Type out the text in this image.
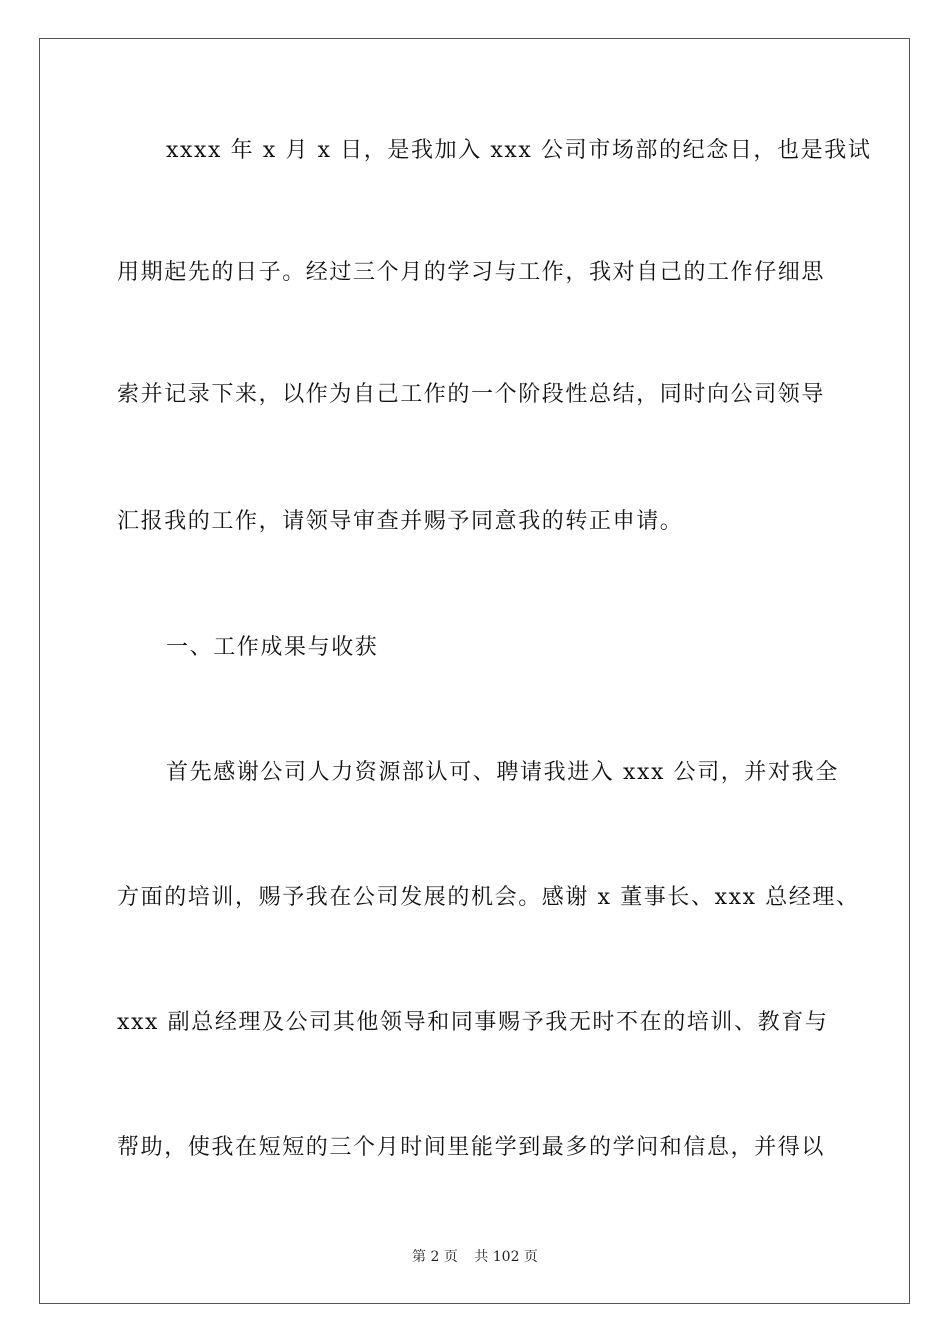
xxxx 年 x 月 x 日，是我加入 xxx 公司市场部的纪念日，也是我试
用期起先的日子。经过三个月的学习与工作，我对自己的工作仔细思
索并记录下来，以作为自己工作的一个阶段性总结，同时向公司领导
汇报我的工作，请领导审查并赐予同意我的转正申请。
一、工作成果与收获
首先感谢公司人力资源部认可、聘请我进入 xxx 公司，并对我全
方面的培训，赐予我在公司发展的机会。感谢 x 董事长、xxx 总经理、
xxx 副总经理及公司其他领导和同事赐予我无时不在的培训、教育与
帮助，使我在短短的三个月时间里能学到最多的学问和信息，并得以
第 2 页 共 102 页
